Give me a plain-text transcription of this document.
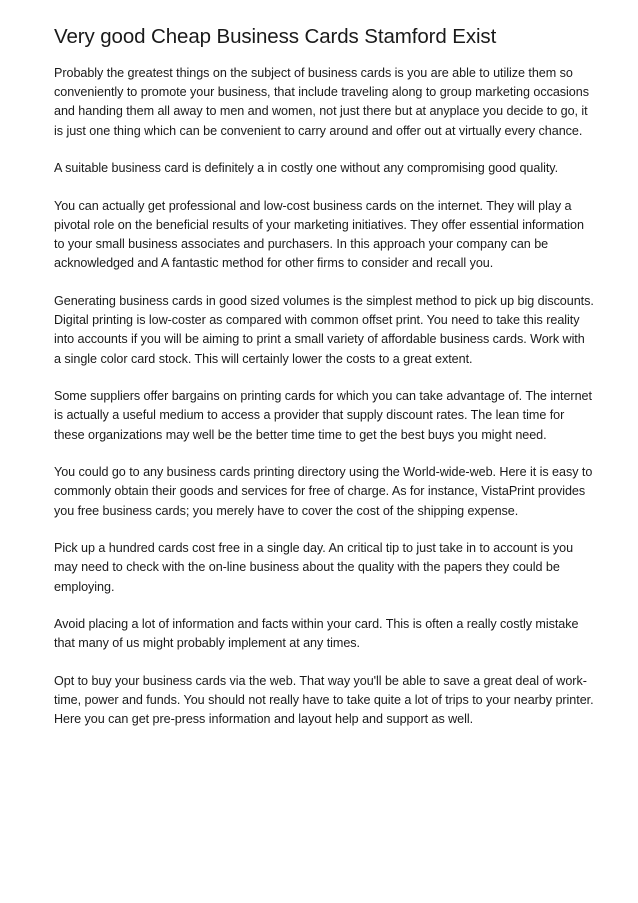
Very good Cheap Business Cards Stamford Exist

Probably the greatest things on the subject of business cards is you are able to utilize them so conveniently to promote your business, that include traveling along to group marketing occasions and handing them all away to men and women, not just there but at anyplace you decide to go, it is just one thing which can be convenient to carry around and offer out at virtually every chance.

A suitable business card is definitely a in costly one without any compromising good quality.

You can actually get professional and low-cost business cards on the internet. They will play a pivotal role on the beneficial results of your marketing initiatives. They offer essential information to your small business associates and purchasers. In this approach your company can be acknowledged and A fantastic method for other firms to consider and recall you.

Generating business cards in good sized volumes is the simplest method to pick up big discounts. Digital printing is low-coster as compared with common offset print. You need to take this reality into accounts if you will be aiming to print a small variety of affordable business cards. Work with a single color card stock. This will certainly lower the costs to a great extent.

Some suppliers offer bargains on printing cards for which you can take advantage of. The internet is actually a useful medium to access a provider that supply discount rates. The lean time for these organizations may well be the better time time to get the best buys you might need.

You could go to any business cards printing directory using the World-wide-web. Here it is easy to commonly obtain their goods and services for free of charge. As for instance, VistaPrint provides you free business cards; you merely have to cover the cost of the shipping expense.

Pick up a hundred cards cost free in a single day. An critical tip to just take in to account is you may need to check with the on-line business about the quality with the papers they could be employing.

Avoid placing a lot of information and facts within your card. This is often a really costly mistake that many of us might probably implement at any times.

Opt to buy your business cards via the web. That way you'll be able to save a great deal of work-time, power and funds. You should not really have to take quite a lot of trips to your nearby printer. Here you can get pre-press information and layout help and support as well.
